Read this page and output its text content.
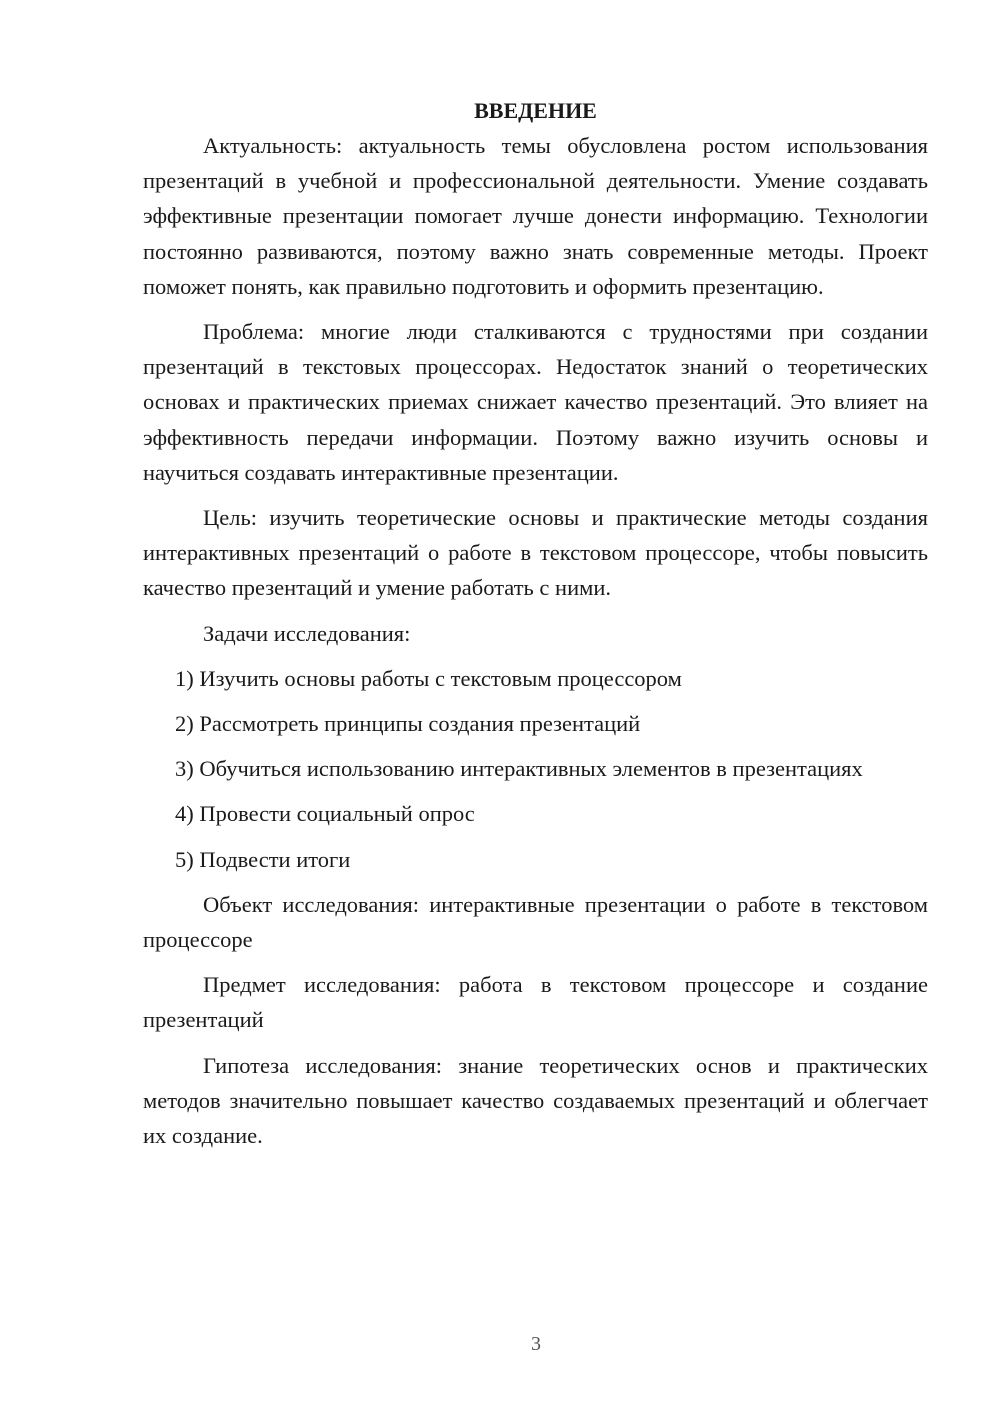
ВВЕДЕНИЕ

Актуальность: актуальность темы обусловлена ростом использования презентаций в учебной и профессиональной деятельности. Умение создавать эффективные презентации помогает лучше донести информацию. Технологии постоянно развиваются, поэтому важно знать современные методы. Проект поможет понять, как правильно подготовить и оформить презентацию.

Проблема: многие люди сталкиваются с трудностями при создании презентаций в текстовых процессорах. Недостаток знаний о теоретических основах и практических приемах снижает качество презентаций. Это влияет на эффективность передачи информации. Поэтому важно изучить основы и научиться создавать интерактивные презентации.

Цель: изучить теоретические основы и практические методы создания интерактивных презентаций о работе в текстовом процессоре, чтобы повысить качество презентаций и умение работать с ними.

Задачи исследования:

1) Изучить основы работы с текстовым процессором

2) Рассмотреть принципы создания презентаций

3) Обучиться использованию интерактивных элементов в презентациях

4) Провести социальный опрос

5) Подвести итоги

Объект исследования: интерактивные презентации о работе в текстовом процессоре

Предмет исследования: работа в текстовом процессоре и создание презентаций

Гипотеза исследования: знание теоретических основ и практических методов значительно повышает качество создаваемых презентаций и облегчает их создание.

3
